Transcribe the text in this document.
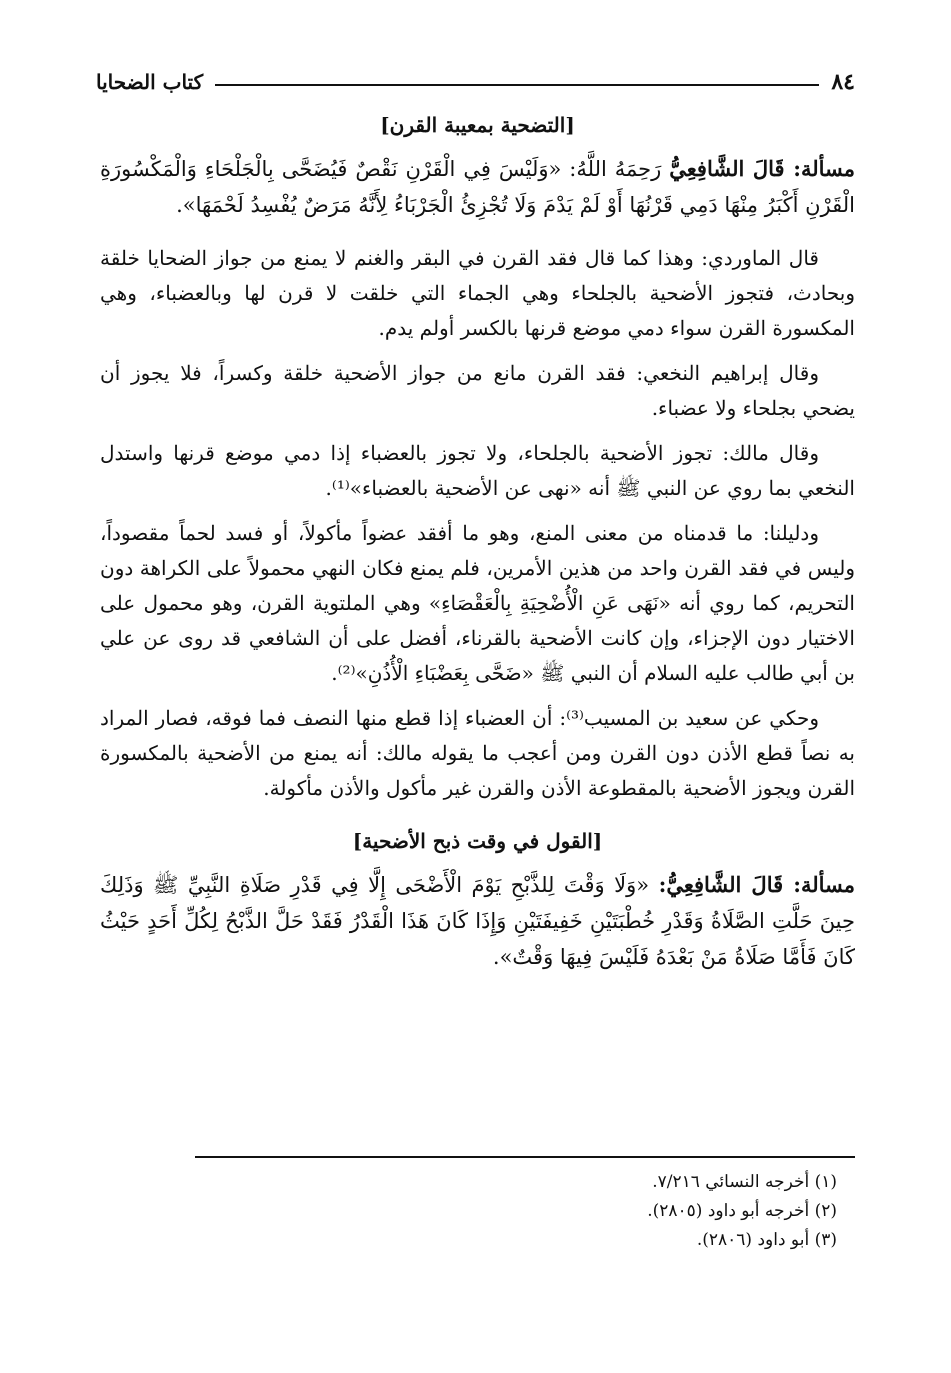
٨٤
كتاب الضحايا
[التضحية بمعيبة القرن]

مسألة: قَالَ الشَّافِعِيُّ رَحِمَهُ اللَّهُ: «وَلَيْسَ فِي الْقَرْنِ نَقْصٌ فَيُضَحَّى بِالْجَلْحَاءِ وَالْمَكْسُورَةِ الْقَرْنِ أَكْبَرُ مِنْهَا دَمِي قَرْنُهَا أَوْ لَمْ يَدْمَ وَلَا تُجْزِئُ الْجَرْبَاءُ لِأَنَّهُ مَرَضٌ يُفْسِدُ لَحْمَهَا».

قال الماوردي: وهذا كما قال فقد القرن في البقر والغنم لا يمنع من جواز الضحايا خلقة وبحادث، فتجوز الأضحية بالجلحاء وهي الجماء التي خلقت لا قرن لها وبالعضباء، وهي المكسورة القرن سواء دمي موضع قرنها بالكسر أولم يدم.

وقال إبراهيم النخعي: فقد القرن مانع من جواز الأضحية خلقة وكسراً، فلا يجوز أن يضحي بجلحاء ولا عضباء.

وقال مالك: تجوز الأضحية بالجلحاء، ولا تجوز بالعضباء إذا دمي موضع قرنها واستدل النخعي بما روي عن النبي ﷺ أنه «نهى عن الأضحية بالعضباء»⁽¹⁾.

ودليلنا: ما قدمناه من معنى المنع، وهو ما أفقد عضواً مأكولاً، أو فسد لحماً مقصوداً، وليس في فقد القرن واحد من هذين الأمرين، فلم يمنع فكان النهي محمولاً على الكراهة دون التحريم، كما روي أنه «نَهَى عَنِ الْأُضْحِيَةِ بِالْعَقْصَاءِ» وهي الملتوية القرن، وهو محمول على الاختيار دون الإجزاء، وإن كانت الأضحية بالقرناء، أفضل على أن الشافعي قد روى عن علي بن أبي طالب عليه السلام أن النبي ﷺ «ضَحَّى بِعَضْبَاءِ الْأُذُنِ»⁽²⁾.

وحكي عن سعيد بن المسيب⁽³⁾: أن العضباء إذا قطع منها النصف فما فوقه، فصار المراد به نصاً قطع الأذن دون القرن ومن أعجب ما يقوله مالك: أنه يمنع من الأضحية بالمكسورة القرن ويجوز الأضحية بالمقطوعة الأذن والقرن غير مأكول والأذن مأكولة.

[القول في وقت ذبح الأضحية]

مسألة: قَالَ الشَّافِعِيُّ: «وَلَا وَقْتَ لِلذَّبْحِ يَوْمَ الْأَضْحَى إِلَّا فِي قَدْرِ صَلَاةِ النَّبِيِّ ﷺ وَذَلِكَ حِينَ حَلَّتِ الصَّلَاةُ وَقَدْرِ خُطْبَتَيْنِ خَفِيفَتَيْنِ وَإِذَا كَانَ هَذَا الْقَدْرُ فَقَدْ حَلَّ الذَّبْحُ لِكُلِّ أَحَدٍ حَيْثُ كَانَ فَأَمَّا صَلَاةُ مَنْ بَعْدَهُ فَلَيْسَ فِيهَا وَقْتٌ».

(١) أخرجه النسائي ٧/٢١٦.
(٢) أخرجه أبو داود (٢٨٠٥).
(٣) أبو داود (٢٨٠٦).
